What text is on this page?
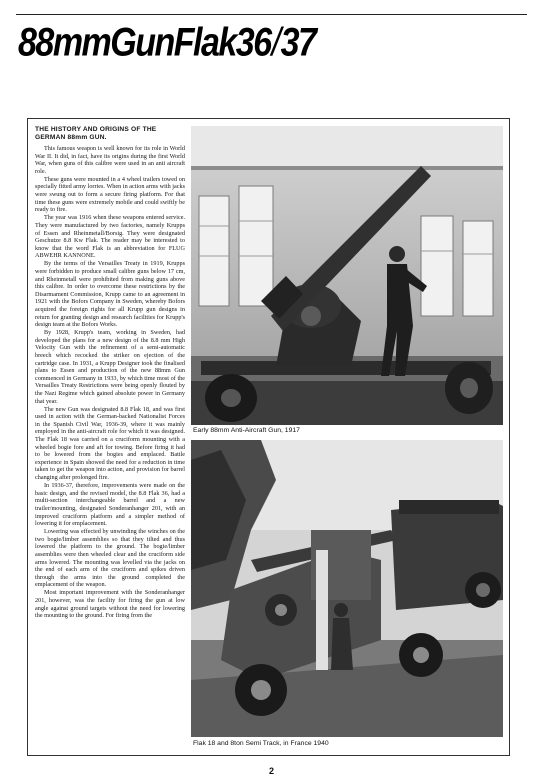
88mmGunFlak36/37
THE HISTORY AND ORIGINS OF THE
GERMAN 88mm GUN.

This famous weapon is well known for its role in World War II. It did, in fact, have its origins during the first World War, when guns of this calibre were used in an anti aircraft role.

These guns were mounted in a 4 wheel trailers towed on specially fitted army lorries. When in action arms with jacks were swung out to form a secure firing platform. For that time these guns were extremely mobile and could swiftly be ready to fire.

The year was 1916 when these weapons entered service. They were manufactured by two factories, namely Krupps of Essen and Rheinmetall/Borsig. They were designated Geschutze 8.8 Kw Flak. The reader may be interested to know that the word Flak is an abbreviation for FLUG ABWEHR KANNONE.

By the terms of the Versailles Treaty in 1919, Krupps were forbidden to produce small calibre guns below 17 cm, and Rheinmetall were prohibited from making guns above this calibre. In order to overcome these restrictions by the Disarmament Commission, Krupp came to an agreement in 1921 with the Bofors Company in Sweden, whereby Bofors acquired the foreign rights for all Krupp gun designs in return for granting design and research facilities for Krupp's design team at the Bofors Works.

By 1928, Krupp's team, working in Sweden, had developed the plans for a new design of the 8.8 mm High Velocity Gun with the refinement of a semi-automatic breech which recocked the striker on ejection of the cartridge case. In 1931, a Krupp Designer took the finalised plans to Essen and production of the new 88mm Gun commenced in Germany in 1933, by which time most of the Versailles Treaty Restrictions were being openly flouted by the Nazi Regime which gained absolute power in Germany that year.

The new Gun was designated 8.8 Flak 18, and was first used in action with the German-backed Nationalist Forces in the Spanish Civil War, 1936-39, where it was mainly employed in the anti-aircraft role for which it was designed. The Flak 18 was carried on a cruciform mounting with a wheeled bogie fore and aft for towing. Before firing it had to be lowered from the bogies and emplaced. Battle experience in Spain showed the need for a reduction in time taken to get the weapon into action, and provision for barrel changing after prolonged fire.

In 1936-37, therefore, improvements were made on the basic design, and the revised model, the 8.8 Flak 36, had a multi-section interchangeable barrel and a new trailer/mounting, designated Sonderanhanger 201, with an improved cruciform platform and a simpler method of lowering it for emplacement.

Lowering was effected by unwinding the winches on the two bogie/limber assemblies so that they tilted and thus lowered the platform to the ground. The bogie/limber assemblies were then wheeled clear and the cruciform side arms lowered. The mounting was levelled via the jacks on the end of each arm of the cruciform and spikes driven through the arms into the ground completed the emplacement of the weapon.

Most important improvement with the Sonderanhanger 201, however, was the facility for firing the gun at low angle against ground targets without the need for lowering the mounting to the ground. For firing from the

Early 88mm Anti-Aircraft Gun, 1917
Flak 18 and 8ton Semi Track, in France 1940
2
